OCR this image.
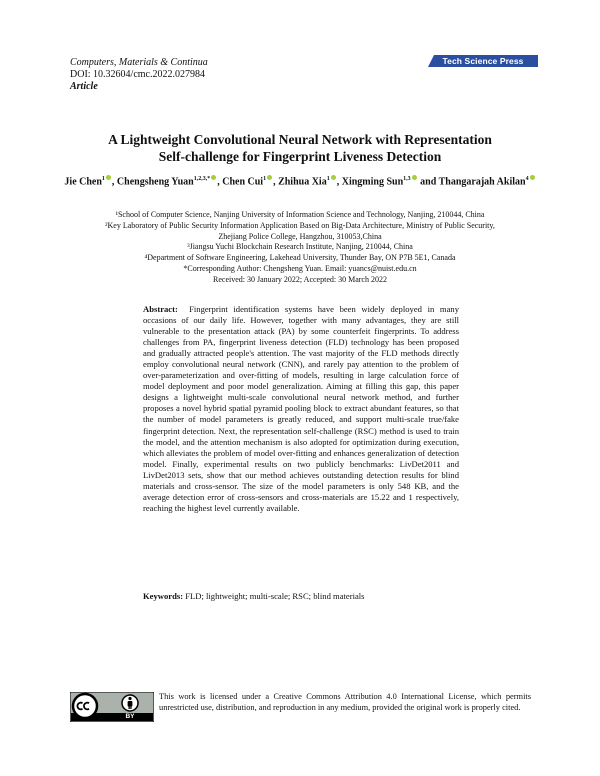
Computers, Materials & Continua
DOI: 10.32604/cmc.2022.027984
Article
Tech Science Press
A Lightweight Convolutional Neural Network with Representation
Self-challenge for Fingerprint Liveness Detection
Jie Chen$^1$ , Chengsheng Yuan$^{1,2,3,*}$ , Chen Cui$^1$ , Zhihua Xia$^1$ , Xingming Sun$^{1,3}$ and Thangarajah Akilan$^4$
¹School of Computer Science, Nanjing University of Information Science and Technology, Nanjing, 210044, China
²Key Laboratory of Public Security Information Application Based on Big-Data Architecture, Ministry of Public Security,
Zhejiang Police College, Hangzhou, 310053,China
³Jiangsu Yuchi Blockchain Research Institute, Nanjing, 210044, China
⁴Department of Software Engineering, Lakehead University, Thunder Bay, ON P7B 5E1, Canada
*Corresponding Author: Chengsheng Yuan. Email: yuancs@nuist.edu.cn
Received: 30 January 2022; Accepted: 30 March 2022
Abstract: Fingerprint identification systems have been widely deployed in many occasions of our daily life. However, together with many advantages, they are still vulnerable to the presentation attack (PA) by some counterfeit fingerprints. To address challenges from PA, fingerprint liveness detection (FLD) technology has been proposed and gradually attracted people's attention. The vast majority of the FLD methods directly employ convolutional neural network (CNN), and rarely pay attention to the problem of over-parameterization and over-fitting of models, resulting in large calculation force of model deployment and poor model generalization. Aiming at filling this gap, this paper designs a lightweight multi-scale convolutional neural network method, and further proposes a novel hybrid spatial pyramid pooling block to extract abundant features, so that the number of model parameters is greatly reduced, and support multi-scale true/fake fingerprint detection. Next, the representation self-challenge (RSC) method is used to train the model, and the attention mechanism is also adopted for optimization during execution, which alleviates the problem of model over-fitting and enhances generalization of detection model. Finally, experimental results on two publicly benchmarks: LivDet2011 and LivDet2013 sets, show that our method achieves outstanding detection results for blind materials and cross-sensor. The size of the model parameters is only 548 KB, and the average detection error of cross-sensors and cross-materials are 15.22 and 1 respectively, reaching the highest level currently available.
Keywords: FLD; lightweight; multi-scale; RSC; blind materials
BY
This work is licensed under a Creative Commons Attribution 4.0 International License, which permits unrestricted use, distribution, and reproduction in any medium, provided the original work is properly cited.
